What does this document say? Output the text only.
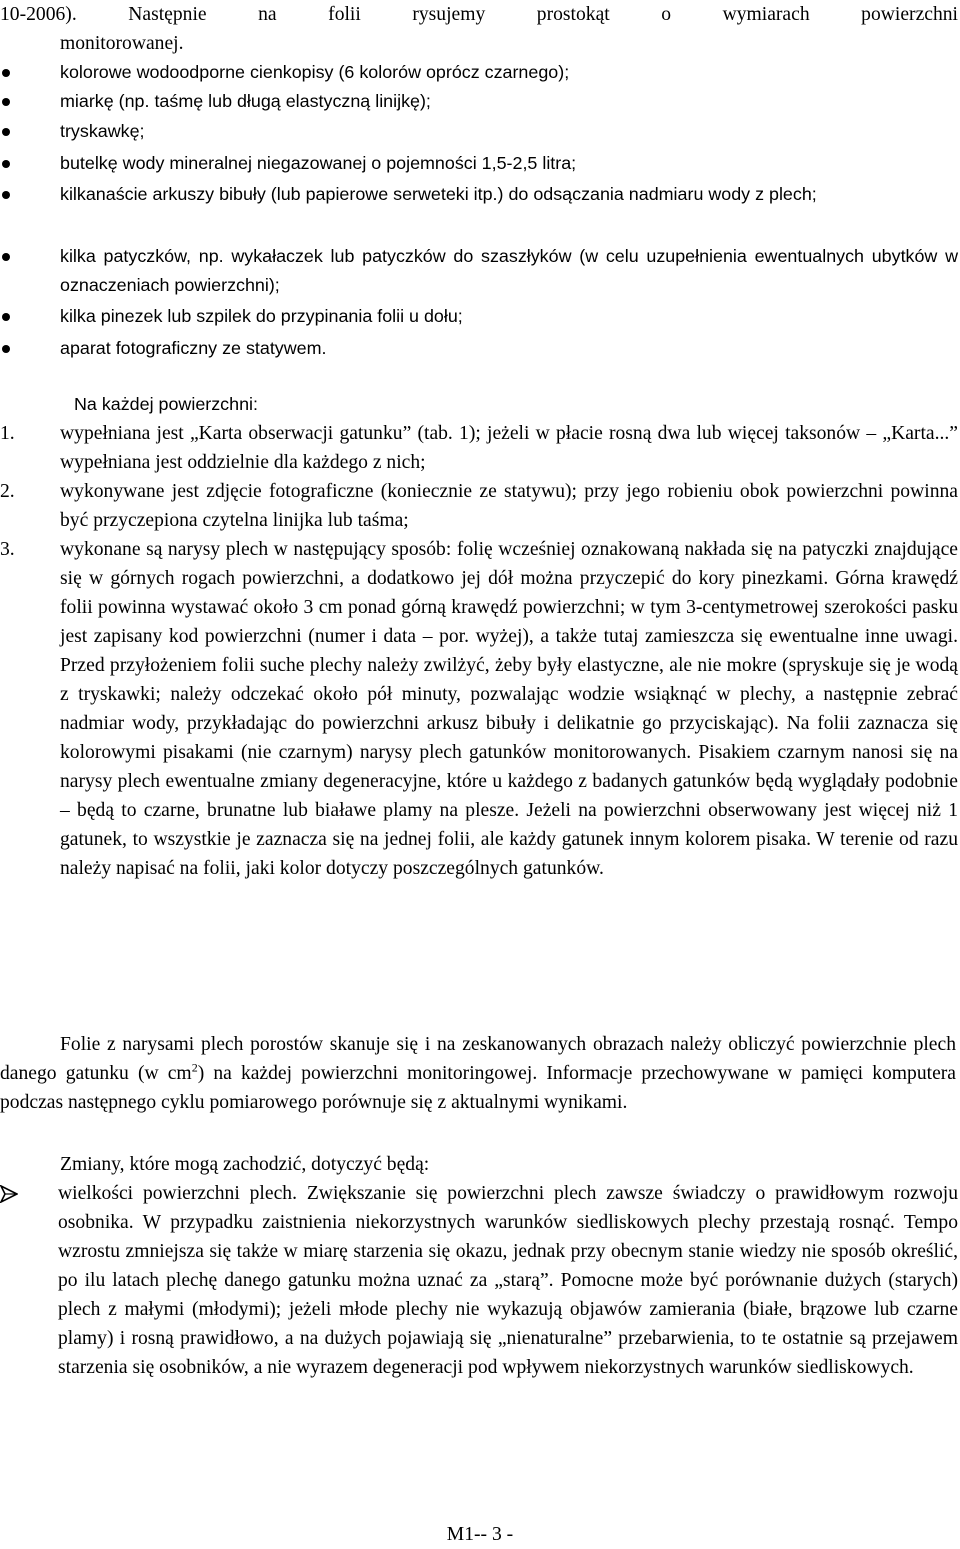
10-2006). Następnie na folii rysujemy prostokąt o wymiarach powierzchni
monitorowanej.
kolorowe wodoodporne cienkopisy (6 kolorów oprócz czarnego);
miarkę (np. taśmę lub długą elastyczną linijkę);
tryskawkę;
butelkę wody mineralnej niegazowanej o pojemności 1,5-2,5 litra;
kilkanaście arkuszy bibuły (lub papierowe serweteki itp.) do odsączania nadmiaru wody z plech;
kilka patyczków, np. wykałaczek lub patyczków do szaszłyków (w celu uzupełnienia ewentualnych ubytków w oznaczeniach powierzchni);
kilka pinezek lub szpilek do przypinania folii u dołu;
aparat fotograficzny ze statywem.
Na każdej powierzchni:
1.	wypełniana jest „Karta obserwacji gatunku” (tab. 1); jeżeli w płacie rosną dwa lub więcej taksonów – „Karta...” wypełniana jest oddzielnie dla każdego z nich;
2.	wykonywane jest zdjęcie fotograficzne (koniecznie ze statywu); przy jego robieniu obok powierzchni powinna być przyczepiona czytelna linijka lub taśma;
3.	wykonane są narysy plech w następujący sposób: folię wcześniej oznakowaną nakłada się na patyczki znajdujące się w górnych rogach powierzchni, a dodatkowo jej dół można przyczepić do kory pinezkami. Górna krawędź folii powinna wystawać około 3 cm ponad górną krawędź powierzchni; w tym 3-centymetrowej szerokości pasku jest zapisany kod powierzchni (numer i data – por. wyżej), a także tutaj zamieszcza się ewentualne inne uwagi. Przed przyłożeniem folii suche plechy należy zwilżyć, żeby były elastyczne, ale nie mokre (spryskuje się je wodą z tryskawki; należy odczekać około pół minuty, pozwalając wodzie wsiąknąć w plechy, a następnie zebrać nadmiar wody, przykładając do powierzchni arkusz bibuły i delikatnie go przyciskając). Na folii zaznacza się kolorowymi pisakami (nie czarnym) narysy plech gatunków monitorowanych. Pisakiem czarnym nanosi się na narysy plech ewentualne zmiany degeneracyjne, które u każdego z badanych gatunków będą wyglądały podobnie – będą to czarne, brunatne lub białawe plamy na plesze. Jeżeli na powierzchni obserwowany jest więcej niż 1 gatunek, to wszystkie je zaznacza się na jednej folii, ale każdy gatunek innym kolorem pisaka. W terenie od razu należy napisać na folii, jaki kolor dotyczy poszczególnych gatunków.
Folie z narysami plech porostów skanuje się i na zeskanowanych obrazach należy obliczyć powierzchnie plech danego gatunku (w $cm^2$) na każdej powierzchni monitoringowej. Informacje przechowywane w pamięci komputera podczas następnego cyklu pomiarowego porównuje się z aktualnymi wynikami.
Zmiany, które mogą zachodzić, dotyczyć będą:
wielkości powierzchni plech. Zwiększanie się powierzchni plech zawsze świadczy o prawidłowym rozwoju osobnika. W przypadku zaistnienia niekorzystnych warunków siedliskowych plechy przestają rosnąć. Tempo wzrostu zmniejsza się także w miarę starzenia się okazu, jednak przy obecnym stanie wiedzy nie sposób określić, po ilu latach plechę danego gatunku można uznać za „starą”. Pomocne może być porównanie dużych (starych) plech z małymi (młodymi); jeżeli młode plechy nie wykazują objawów zamierania (białe, brązowe lub czarne plamy) i rosną prawidłowo, a na dużych pojawiają się „nienaturalne” przebarwienia, to te ostatnie są przejawem starzenia się osobników, a nie wyrazem degeneracji pod wpływem niekorzystnych warunków siedliskowych.
M1-- 3 -
